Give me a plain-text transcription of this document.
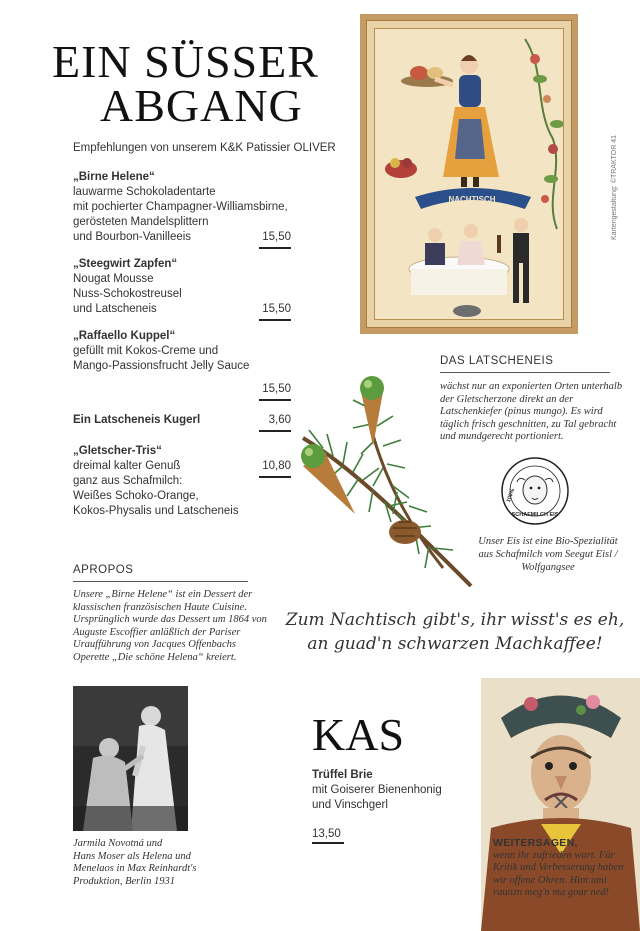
EIN SÜSSER
ABGANG
Empfehlungen von unserem K&K Patissier OLIVER
„Birne Helene“
lauwarme Schokoladentarte
mit pochierter Champagner-Williamsbirne,
gerösteten Mandelsplittern
und Bourbon-Vanilleeis	15,50
„Steegwirt Zapfen“
Nougat Mousse
Nuss-Schokostreusel
und Latscheneis	15,50
„Raffaello Kuppel“
gefüllt mit Kokos-Creme und
Mango-Passionsfrucht Jelly Sauce
15,50
Ein Latscheneis Kugerl	3,60
„Gletscher-Tris“
dreimal kalter Genuß
ganz aus Schafmilch:
Weißes Schoko-Orange,
Kokos-Physalis und Latscheneis
10,80
NACHTISCH	Kartengestaltung: ©TRAKTOR 41
DAS LATSCHENEIS
wächst nur an exponierten Orten unterhalb der Gletscherzone direkt an der Latschenkiefer (pinus mungo). Es wird täglich frisch geschnitten, zu Tal gebracht und mundgerecht portioniert.
SCHAFMILCH EIS
100%
Unser Eis ist eine Bio-Spezialität aus Schafmilch vom Seegut Eisl / Wolfgangsee
APROPOS
Unsere „Birne Helene“ ist ein Dessert der klassischen französischen Haute Cuisine. Ursprünglich wurde das Dessert um 1864 von Auguste Escoffier anläßlich der Pariser Uraufführung von Jacques Offenbachs Operette „Die schöne Helena“ kreiert.
Zum Nachtisch gibt's, ihr wisst's es eh,
an guad'n schwarzen Machkaffee!
Jarmila Novotná und
Hans Moser als Helena und
Menelaos in Max Reinhardt's
Produktion, Berlin 1931
KAS
Trüffel Brie
mit Goiserer Bienenhonig
und Vinschgerl
13,50
WEITERSAGEN,
wenn ihr zufrieden wart. Für Kritik und Verbesserung haben wir offene Ohren. Hint umi raunzn meg'n ma goar ned!
